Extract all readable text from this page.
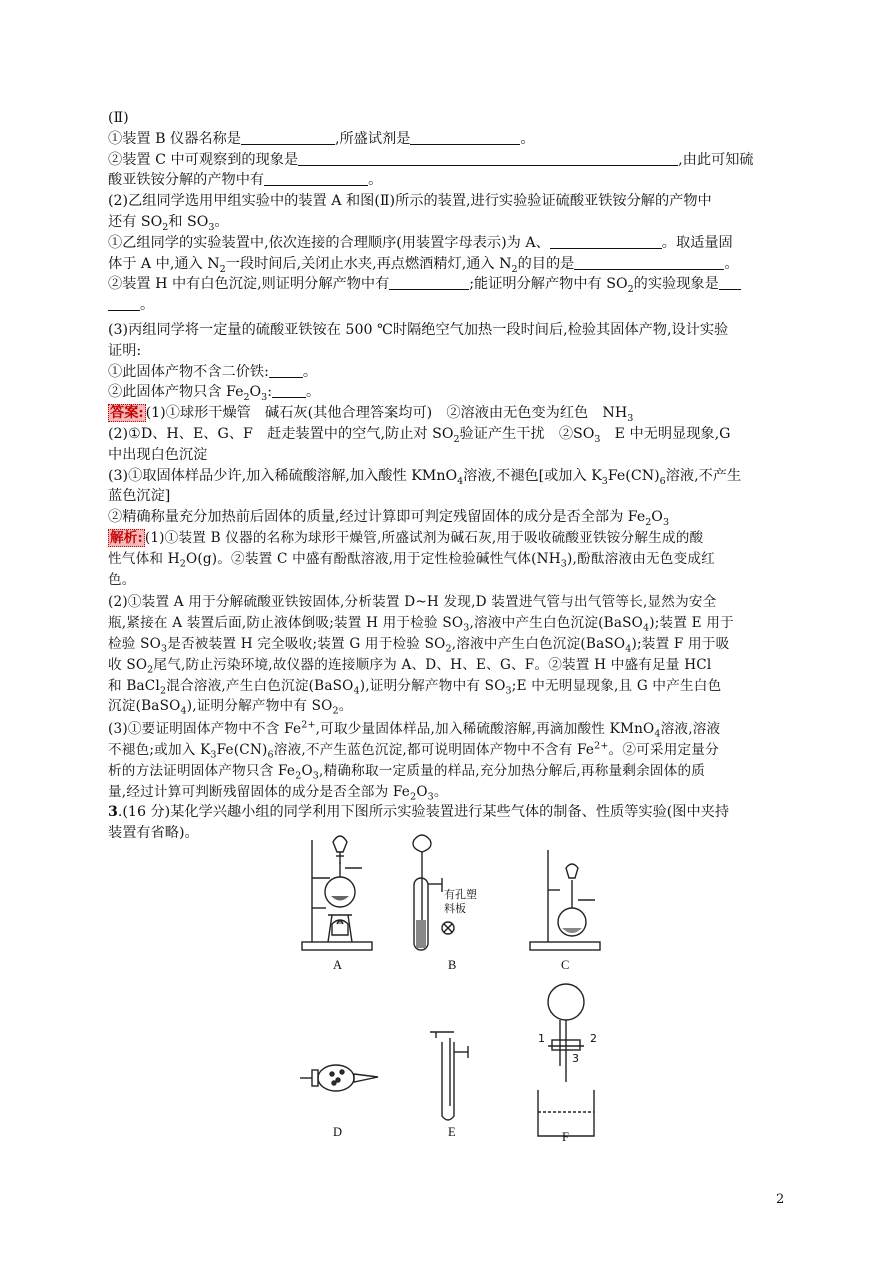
(Ⅱ)

①装置 B 仪器名称是	,所盛试剂是	。

②装置 C 中可观察到的现象是	,由此可知硫

酸亚铁铵分解的产物中有	。

(2)乙组同学选用甲组实验中的装置 A 和图(Ⅱ)所示的装置,进行实验验证硫酸亚铁铵分解的产物中

还有 $SO_2$和 $SO_3$。

①乙组同学的实验装置中,依次连接的合理顺序(用装置字母表示)为 A、	。取适量固

体于 A 中,通入 $N_2$一段时间后,关闭止水夹,再点燃酒精灯,通入 $N_2$的目的是	。

②装置 H 中有白色沉淀,则证明分解产物中有	;能证明分解产物中有 $SO_2$的实验现象是

。

(3)丙组同学将一定量的硫酸亚铁铵在 500 ℃时隔绝空气加热一段时间后,检验其固体产物,设计实验

证明:

①此固体产物不含二价铁: 。

②此固体产物只含 $Fe_2O_3$: 。

答案: (1)①球形干燥管　碱石灰(其他合理答案均可)　②溶液由无色变为红色　$NH_3$

(2)①D、H、E、G、F　赶走装置中的空气,防止对 $SO_2$验证产生干扰　$②SO_3$　E 中无明显现象,G

中出现白色沉淀

(3)①取固体样品少许,加入稀硫酸溶解,加入酸性 KMnO$_4$溶液,不褪色[或加入 $K_3Fe(CN)_6$溶液,不产生

蓝色沉淀]

②精确称量充分加热前后固体的质量,经过计算即可判定残留固体的成分是否全部为 $Fe_2O_3$

解析: (1)①装置 B 仪器的名称为球形干燥管,所盛试剂为碱石灰,用于吸收硫酸亚铁铵分解生成的酸

性气体和 $H_2O(g)$。②装置 C 中盛有酚酞溶液,用于定性检验碱性气体$(NH_3)$,酚酞溶液由无色变成红

色。

(2)①装置 A 用于分解硫酸亚铁铵固体,分析装置 D~H 发现,D 装置进气管与出气管等长,显然为安全

瓶,紧接在 A 装置后面,防止液体倒吸;装置 H 用于检验 $SO_3$,溶液中产生白色沉淀(BaSO$_4$);装置 E 用于

检验 $SO_3$是否被装置 H 完全吸收;装置 G 用于检验 $SO_2$,溶液中产生白色沉淀(BaSO$_4$);装置 F 用于吸

收 $SO_2$尾气,防止污染环境,故仪器的连接顺序为 A、D、H、E、G、F。②装置 H 中盛有足量 HCl

和 BaCl$_2$混合溶液,产生白色沉淀(BaSO$_4$),证明分解产物中有 $SO_3;E$ 中无明显现象,且 G 中产生白色

沉淀(BaSO$_4$),证明分解产物中有 $SO_2$。

(3)①要证明固体产物中不含 $Fe^{2+}$,可取少量固体样品,加入稀硫酸溶解,再滴加酸性 KMnO$_4$溶液,溶液

不褪色;或加入 $K_3Fe(CN)_6$溶液,不产生蓝色沉淀,都可说明固体产物中不含有 $Fe^{2+}$。②可采用定量分

析的方法证明固体产物只含 $Fe_2O_3$,精确称取一定质量的样品,充分加热分解后,再称量剩余固体的质

量,经过计算可判断残留固体的成分是否全部为 $Fe_2O_3$。

3.(16 分)某化学兴趣小组的同学利用下图所示实验装置进行某些气体的制备、性质等实验(图中夹持

装置有省略)。

A	B	C
D	E	F
有孔塑
料板
1	2
3
2
